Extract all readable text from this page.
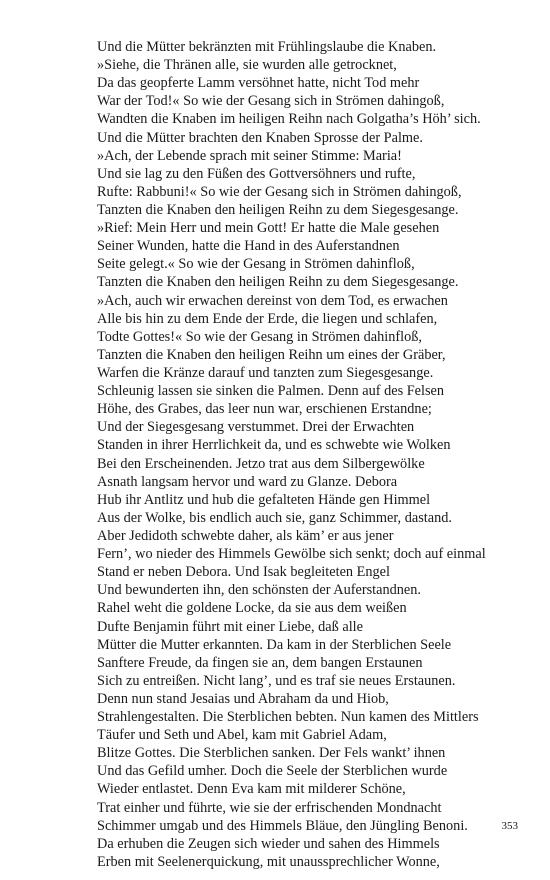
Und die Mütter bekränzten mit Frühlingslaube die Knaben.
»Siehe, die Thränen alle, sie wurden alle getrocknet,
Da das geopferte Lamm versöhnet hatte, nicht Tod mehr
War der Tod!« So wie der Gesang sich in Strömen dahingoß,
Wandten die Knaben im heiligen Reihn nach Golgatha’s Höh’ sich.
Und die Mütter brachten den Knaben Sprosse der Palme.
»Ach, der Lebende sprach mit seiner Stimme: Maria!
Und sie lag zu den Füßen des Gottversöhners und rufte,
Rufte: Rabbuni!« So wie der Gesang sich in Strömen dahingoß,
Tanzten die Knaben den heiligen Reihn zu dem Siegesgesange.
»Rief: Mein Herr und mein Gott! Er hatte die Male gesehen
Seiner Wunden, hatte die Hand in des Auferstandnen
Seite gelegt.« So wie der Gesang in Strömen dahinfloß,
Tanzten die Knaben den heiligen Reihn zu dem Siegesgesange.
»Ach, auch wir erwachen dereinst von dem Tod, es erwachen
Alle bis hin zu dem Ende der Erde, die liegen und schlafen,
Todte Gottes!« So wie der Gesang in Strömen dahinfloß,
Tanzten die Knaben den heiligen Reihn um eines der Gräber,
Warfen die Kränze darauf und tanzten zum Siegesgesange.
Schleunig lassen sie sinken die Palmen. Denn auf des Felsen
Höhe, des Grabes, das leer nun war, erschienen Erstandne;
Und der Siegesgesang verstummet. Drei der Erwachten
Standen in ihrer Herrlichkeit da, und es schwebte wie Wolken
Bei den Erscheinenden. Jetzo trat aus dem Silbergewölke
Asnath langsam hervor und ward zu Glanze. Debora
Hub ihr Antlitz und hub die gefalteten Hände gen Himmel
Aus der Wolke, bis endlich auch sie, ganz Schimmer, dastand.
Aber Jedidoth schwebte daher, als käm’ er aus jener
Fern’, wo nieder des Himmels Gewölbe sich senkt; doch auf einmal
Stand er neben Debora. Und Isak begleiteten Engel
Und bewunderten ihn, den schönsten der Auferstandnen.
Rahel weht die goldene Locke, da sie aus dem weißen
Dufte Benjamin führt mit einer Liebe, daß alle
Mütter die Mutter erkannten. Da kam in der Sterblichen Seele
Sanftere Freude, da fingen sie an, dem bangen Erstaunen
Sich zu entreißen. Nicht lang’, und es traf sie neues Erstaunen.
Denn nun stand Jesaias und Abraham da und Hiob,
Strahlengestalten. Die Sterblichen bebten. Nun kamen des Mittlers
Täufer und Seth und Abel, kam mit Gabriel Adam,
Blitze Gottes. Die Sterblichen sanken. Der Fels wankt’ ihnen
Und das Gefild umher. Doch die Seele der Sterblichen wurde
Wieder entlastet. Denn Eva kam mit milderer Schöne,
Trat einher und führte, wie sie der erfrischenden Mondnacht
Schimmer umgab und des Himmels Bläue, den Jüngling Benoni.
Da erhuben die Zeugen sich wieder und sahen des Himmels
Erben mit Seelenerquickung, mit unaussprechlicher Wonne,
353
